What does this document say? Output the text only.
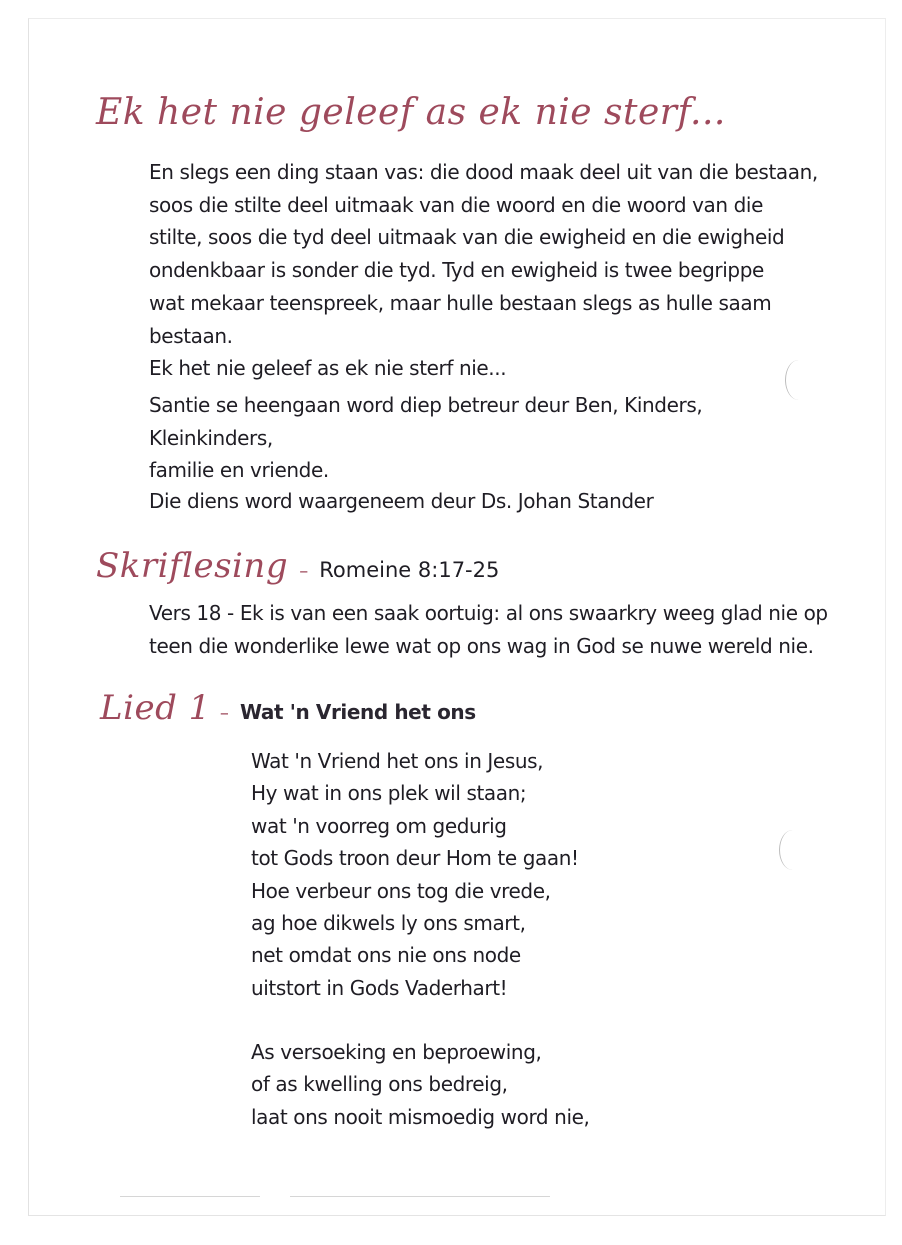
Ek het nie geleef as ek nie sterf...

En slegs een ding staan vas: die dood maak deel uit van die bestaan,

soos die stilte deel uitmaak van die woord en die woord van die

stilte, soos die tyd deel uitmaak van die ewigheid en die ewigheid

ondenkbaar is sonder die tyd. Tyd en ewigheid is twee begrippe

wat mekaar teenspreek, maar hulle bestaan slegs as hulle saam bestaan.

Ek het nie geleef as ek nie sterf nie...

Santie se heengaan word diep betreur deur Ben, Kinders, Kleinkinders,

familie en vriende.

Die diens word waargeneem deur Ds. Johan Stander

Skriflesing – Romeine 8:17-25

Vers 18 - Ek is van een saak oortuig: al ons swaarkry weeg glad nie op

teen die wonderlike lewe wat op ons wag in God se nuwe wereld nie.

Lied 1 – Wat 'n Vriend het ons
Wat 'n Vriend het ons in Jesus,
Hy wat in ons plek wil staan;
wat 'n voorreg om gedurig
tot Gods troon deur Hom te gaan!
Hoe verbeur ons tog die vrede,
ag hoe dikwels ly ons smart,
net omdat ons nie ons node
uitstort in Gods Vaderhart!
As versoeking en beproewing,
of as kwelling ons bedreig,
laat ons nooit mismoedig word nie,
